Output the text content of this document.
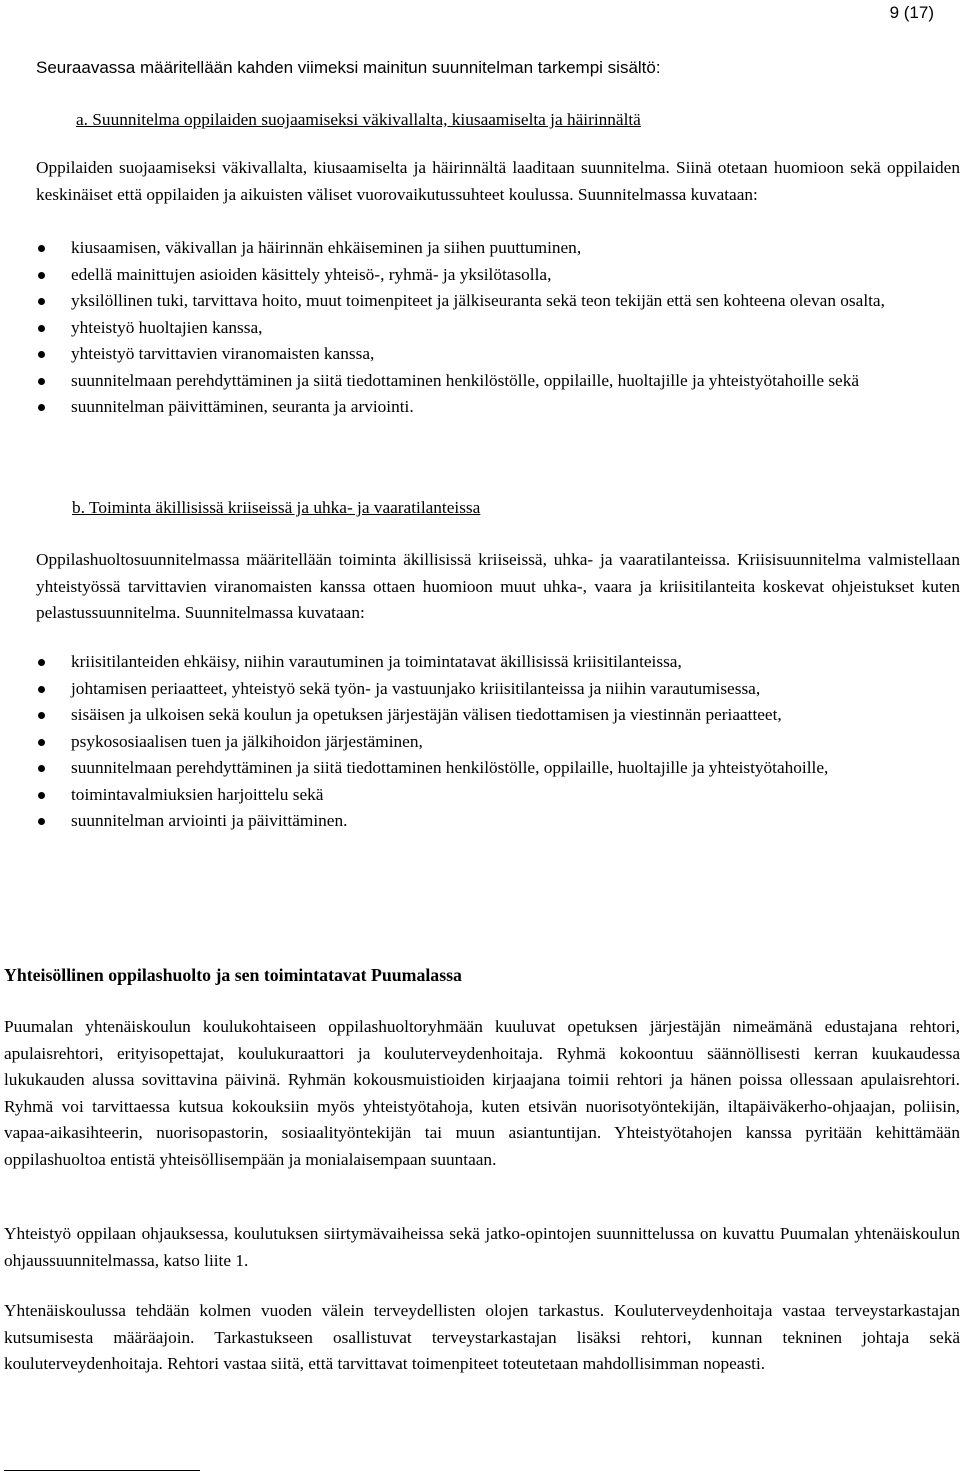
9 (17)

Seuraavassa määritellään kahden viimeksi mainitun suunnitelman tarkempi sisältö:

a. Suunnitelma oppilaiden suojaamiseksi väkivallalta, kiusaamiselta ja häirinnältä

Oppilaiden suojaamiseksi väkivallalta, kiusaamiselta ja häirinnältä laaditaan suunnitelma. Siinä otetaan huomioon sekä oppilaiden keskinäiset että oppilaiden ja aikuisten väliset vuorovaikutussuhteet koulussa. Suunnitelmassa kuvataan:

kiusaamisen, väkivallan ja häirinnän ehkäiseminen ja siihen puuttuminen,
edellä mainittujen asioiden käsittely yhteisö-, ryhmä- ja yksilötasolla,
yksilöllinen tuki, tarvittava hoito, muut toimenpiteet ja jälkiseuranta sekä teon tekijän että sen kohteena olevan osalta,
yhteistyö huoltajien kanssa,
yhteistyö tarvittavien viranomaisten kanssa,
suunnitelmaan perehdyttäminen ja siitä tiedottaminen henkilöstölle, oppilaille, huoltajille ja yhteistyötahoille sekä
suunnitelman päivittäminen, seuranta ja arviointi.

b. Toiminta äkillisissä kriiseissä ja uhka- ja vaaratilanteissa

Oppilashuoltosuunnitelmassa määritellään toiminta äkillisissä kriiseissä, uhka- ja vaaratilanteissa. Kriisisuunnitelma valmistellaan yhteistyössä tarvittavien viranomaisten kanssa ottaen huomioon muut uhka-, vaara ja kriisitilanteita koskevat ohjeistukset kuten pelastussuunnitelma. Suunnitelmassa kuvataan:

kriisitilanteiden ehkäisy, niihin varautuminen ja toimintatavat äkillisissä kriisitilanteissa,
johtamisen periaatteet, yhteistyö sekä työn- ja vastuunjako kriisitilanteissa ja niihin varautumisessa,
sisäisen ja ulkoisen sekä koulun ja opetuksen järjestäjän välisen tiedottamisen ja viestinnän periaatteet,
psykososiaalisen tuen ja jälkihoidon järjestäminen,
suunnitelmaan perehdyttäminen ja siitä tiedottaminen henkilöstölle, oppilaille, huoltajille ja yhteistyötahoille,
toimintavalmiuksien harjoittelu sekä
suunnitelman arviointi ja päivittäminen.

Yhteisöllinen oppilashuolto ja sen toimintatavat Puumalassa

Puumalan yhtenäiskoulun koulukohtaiseen oppilashuoltoryhmään kuuluvat opetuksen järjestäjän nimeämänä edustajana rehtori, apulaisrehtori, erityisopettajat, koulukuraattori ja kouluterveydenhoitaja. Ryhmä kokoontuu säännöllisesti kerran kuukaudessa lukukauden alussa sovittavina päivinä. Ryhmän kokousmuistioiden kirjaajana toimii rehtori ja hänen poissa ollessaan apulaisrehtori. Ryhmä voi tarvittaessa kutsua kokouksiin myös yhteistyötahoja, kuten etsivän nuorisotyöntekijän, iltapäiväkerho-ohjaajan, poliisin, vapaa-aikasihteerin, nuorisopastorin, sosiaalityöntekijän tai muun asiantuntijan. Yhteistyötahojen kanssa pyritään kehittämään oppilashuoltoa entistä yhteisöllisempään ja monialaisempaan suuntaan.

Yhteistyö oppilaan ohjauksessa, koulutuksen siirtymävaiheissa sekä jatko-opintojen suunnittelussa on kuvattu Puumalan yhtenäiskoulun ohjaussuunnitelmassa, katso liite 1.

Yhtenäiskoulussa tehdään kolmen vuoden välein terveydellisten olojen tarkastus. Kouluterveydenhoitaja vastaa terveystarkastajan kutsumisesta määräajoin. Tarkastukseen osallistuvat terveystarkastajan lisäksi rehtori, kunnan tekninen johtaja sekä kouluterveydenhoitaja. Rehtori vastaa siitä, että tarvittavat toimenpiteet toteutetaan mahdollisimman nopeasti.
